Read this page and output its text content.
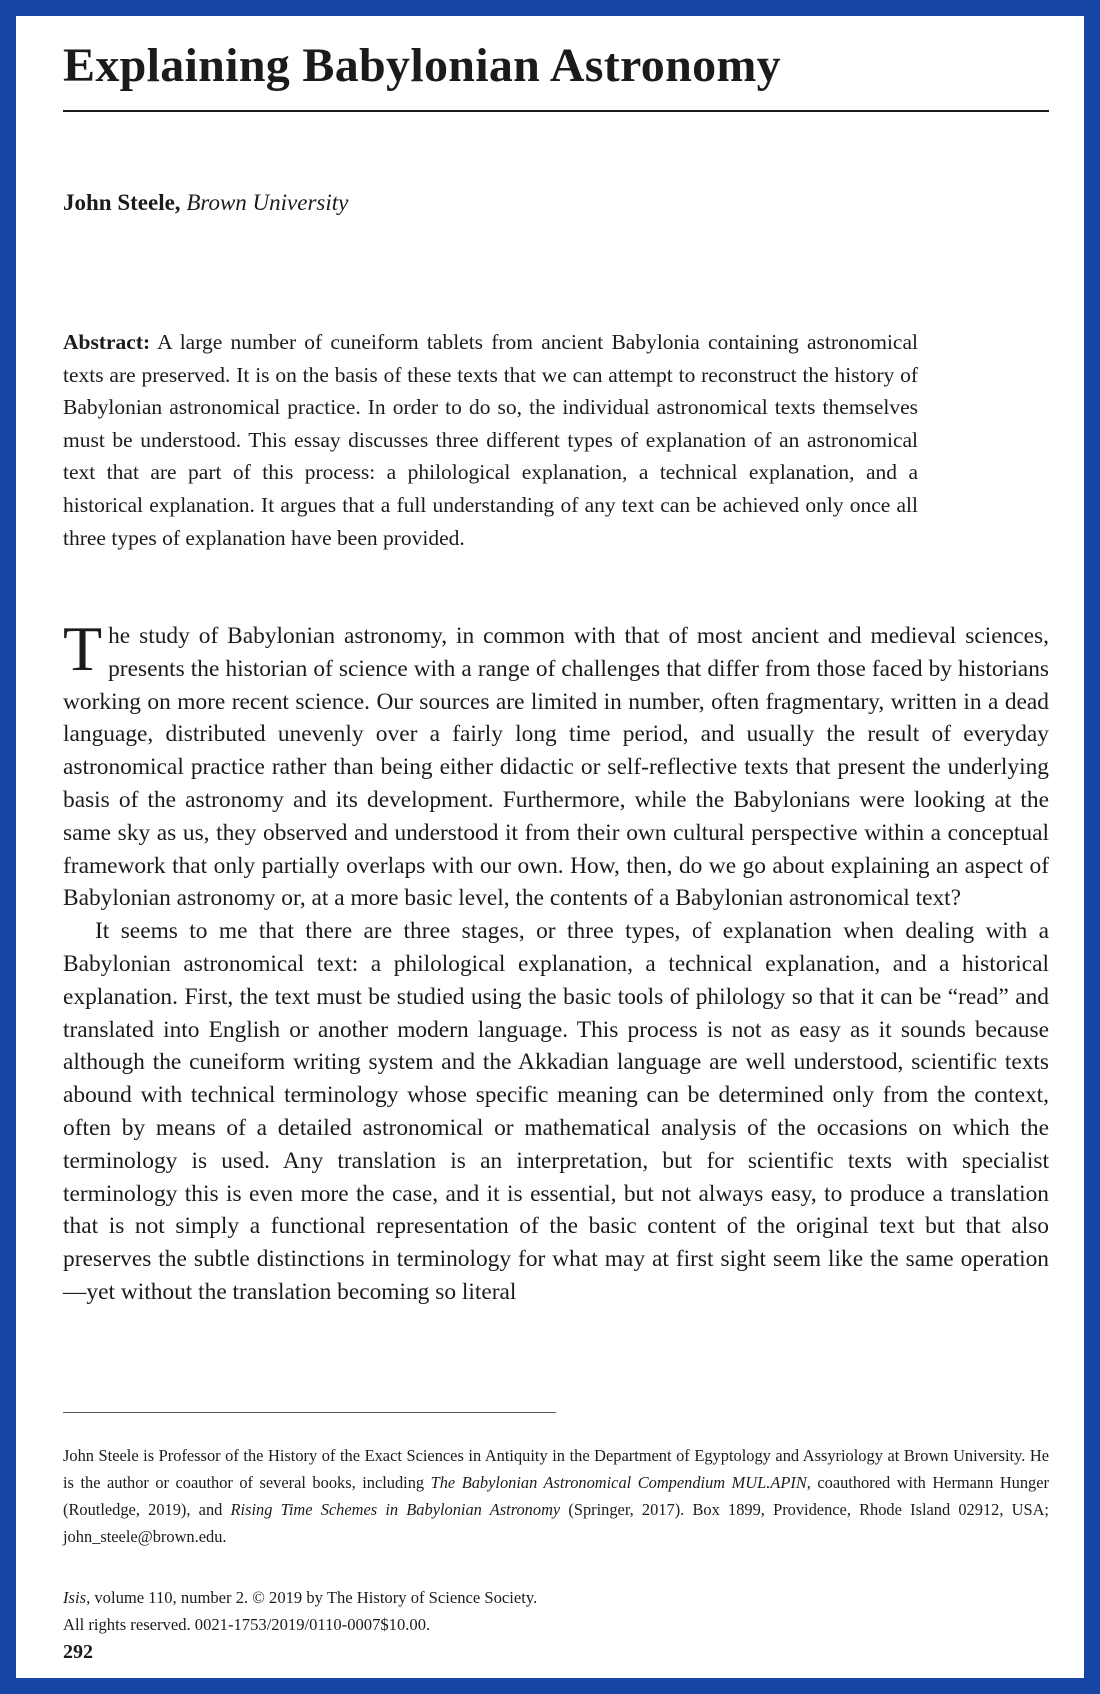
Explaining Babylonian Astronomy
John Steele, Brown University
Abstract: A large number of cuneiform tablets from ancient Babylonia containing astronomical texts are preserved. It is on the basis of these texts that we can attempt to reconstruct the history of Babylonian astronomical practice. In order to do so, the individual astronomical texts themselves must be understood. This essay discusses three different types of explanation of an astronomical text that are part of this process: a philological explanation, a technical explanation, and a historical explanation. It argues that a full understanding of any text can be achieved only once all three types of explanation have been provided.

The study of Babylonian astronomy, in common with that of most ancient and medieval sciences, presents the historian of science with a range of challenges that differ from those faced by historians working on more recent science. Our sources are limited in number, often fragmentary, written in a dead language, distributed unevenly over a fairly long time period, and usually the result of everyday astronomical practice rather than being either didactic or self-reflective texts that present the underlying basis of the astronomy and its development. Furthermore, while the Babylonians were looking at the same sky as us, they observed and understood it from their own cultural perspective within a conceptual framework that only partially overlaps with our own. How, then, do we go about explaining an aspect of Babylonian astronomy or, at a more basic level, the contents of a Babylonian astronomical text?

It seems to me that there are three stages, or three types, of explanation when dealing with a Babylonian astronomical text: a philological explanation, a technical explanation, and a historical explanation. First, the text must be studied using the basic tools of philology so that it can be “read” and translated into English or another modern language. This process is not as easy as it sounds because although the cuneiform writing system and the Akkadian language are well understood, scientific texts abound with technical terminology whose specific meaning can be determined only from the context, often by means of a detailed astronomical or mathematical analysis of the occasions on which the terminology is used. Any translation is an interpretation, but for scientific texts with specialist terminology this is even more the case, and it is essential, but not always easy, to produce a translation that is not simply a functional representation of the basic content of the original text but that also preserves the subtle distinctions in terminology for what may at first sight seem like the same operation—yet without the translation becoming so literal

John Steele is Professor of the History of the Exact Sciences in Antiquity in the Department of Egyptology and Assyriology at Brown University. He is the author or coauthor of several books, including The Babylonian Astronomical Compendium MUL.APIN, coauthored with Hermann Hunger (Routledge, 2019), and Rising Time Schemes in Babylonian Astronomy (Springer, 2017). Box 1899, Providence, Rhode Island 02912, USA; john_steele@brown.edu.
Isis, volume 110, number 2. © 2019 by The History of Science Society.
All rights reserved. 0021-1753/2019/0110-0007$10.00.
292
